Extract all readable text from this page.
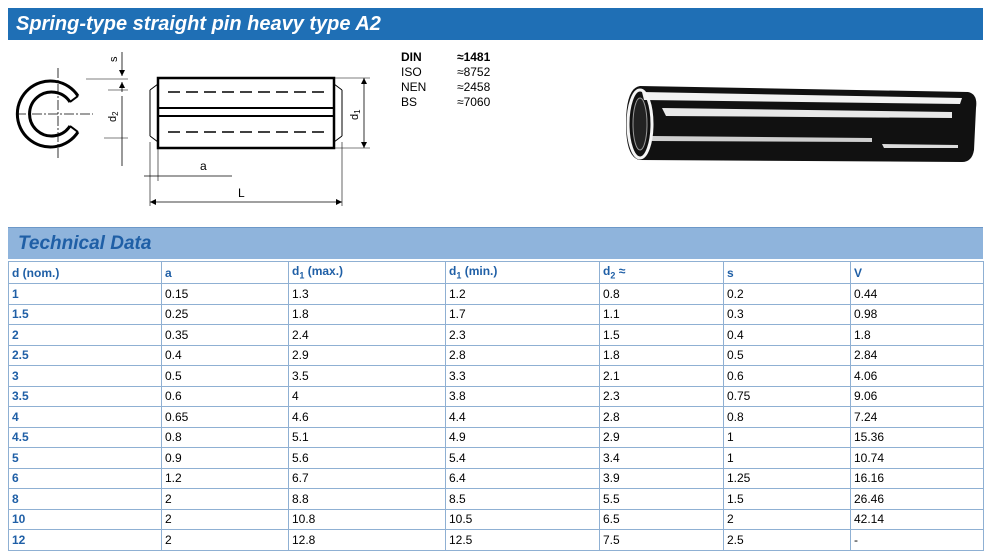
Spring-type straight pin heavy type A2
s
d2
d1
a
L
DIN	≈1481
ISO	≈8752
NEN	≈2458
BS	≈7060
Technical Data
d (nom.)	a	$d_1$ (max.)	$d_1$ (min.)	$d_2$ ≈	s	V
1	0.15	1.3	1.2	0.8	0.2	0.44
1.5	0.25	1.8	1.7	1.1	0.3	0.98
2	0.35	2.4	2.3	1.5	0.4	1.8
2.5	0.4	2.9	2.8	1.8	0.5	2.84
3	0.5	3.5	3.3	2.1	0.6	4.06
3.5	0.6	4	3.8	2.3	0.75	9.06
4	0.65	4.6	4.4	2.8	0.8	7.24
4.5	0.8	5.1	4.9	2.9	1	15.36
5	0.9	5.6	5.4	3.4	1	10.74
6	1.2	6.7	6.4	3.9	1.25	16.16
8	2	8.8	8.5	5.5	1.5	26.46
10	2	10.8	10.5	6.5	2	42.14
12	2	12.8	12.5	7.5	2.5	-
